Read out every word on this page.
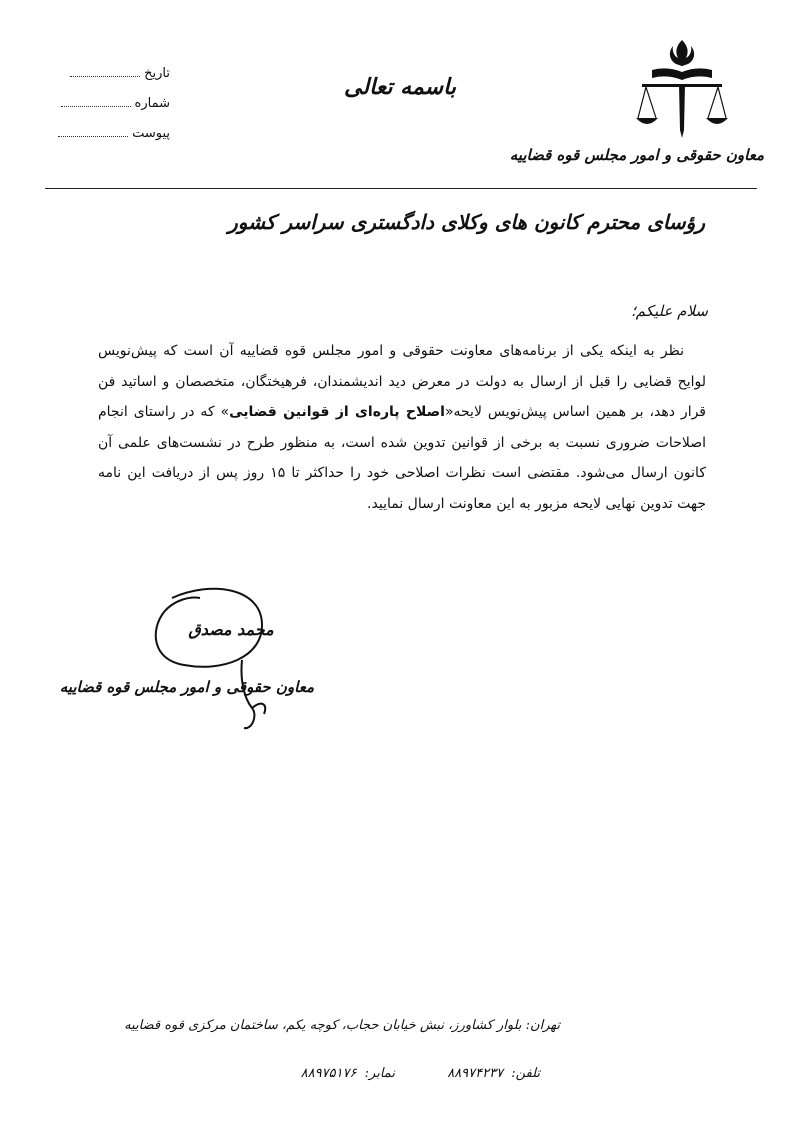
معاون حقوقی و امور مجلس قوه قضاییه
باسمه تعالی
تاریخ
شماره
پیوست
رؤسای محترم کانون های وکلای دادگستری سراسر کشور
سلام علیکم؛

نظر به اینکه یکی از برنامه‌های معاونت حقوقی و امور مجلس قوه قضاییه آن است که پیش‌نویس لوایح قضایی را قبل از ارسال به دولت در معرض دید اندیشمندان، فرهیختگان، متخصصان و اساتید فن قرار دهد، بر همین اساس پیش‌نویس لایحه«اصلاح پاره‌ای از قوانین قضایی» که در راستای انجام اصلاحات ضروری نسبت به برخی از قوانین تدوین شده است، به منظور طرح در نشست‌های علمی آن کانون ارسال می‌شود. مقتضی است نظرات اصلاحی خود را حداکثر تا ۱۵ روز پس از دریافت این نامه جهت تدوین نهایی لایحه مزبور به این معاونت ارسال نمایید.

محمد مصدق
معاون حقوقی و امور مجلس قوه قضاییه
تهران: بلوار کشاورز، نبش خیابان حجاب، کوچه یکم، ساختمان مرکزی قوه قضاییه
تلفن: ۸۸۹۷۴۲۳۷  نمابر: ۸۸۹۷۵۱۷۶
